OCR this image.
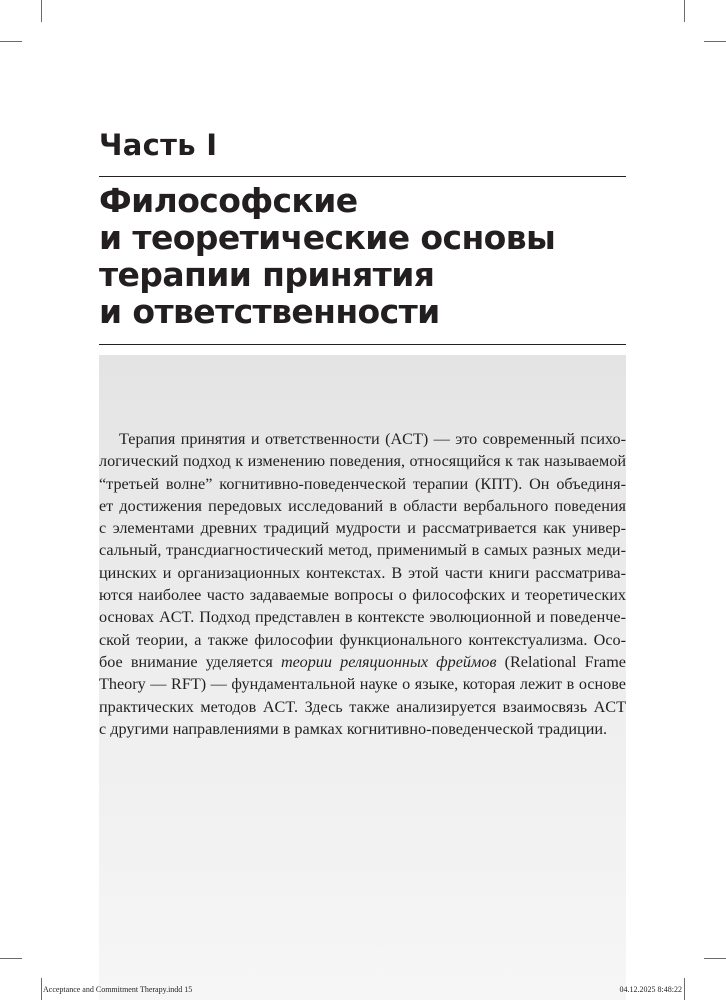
Часть I
Философские
и теоретические основы
терапии принятия
и ответственности

Терапия принятия и ответственности (ACT) — это современный психо-
логический подход к изменению поведения, относящийся к так называемой
“третьей волне” когнитивно-поведенческой терапии (КПТ). Он объединя-
ет достижения передовых исследований в области вербального поведения
с элементами древних традиций мудрости и рассматривается как универ-
сальный, трансдиагностический метод, применимый в самых разных меди-
цинских и организационных контекстах. В этой части книги рассматрива-
ются наиболее часто задаваемые вопросы о философских и теоретических
основах ACT. Подход представлен в контексте эволюционной и поведенче-
ской теории, а также философии функционального контекстуализма. Осо-
бое внимание уделяется теории реляционных фреймов (Relational Frame
Theory — RFT) — фундаментальной науке о языке, которая лежит в основе
практических методов ACT. Здесь также анализируется взаимосвязь ACT
с другими направлениями в рамках когнитивно-поведенческой традиции.

Acceptance and Commitment Therapy.indd 15	04.12.2025 8:48:22
